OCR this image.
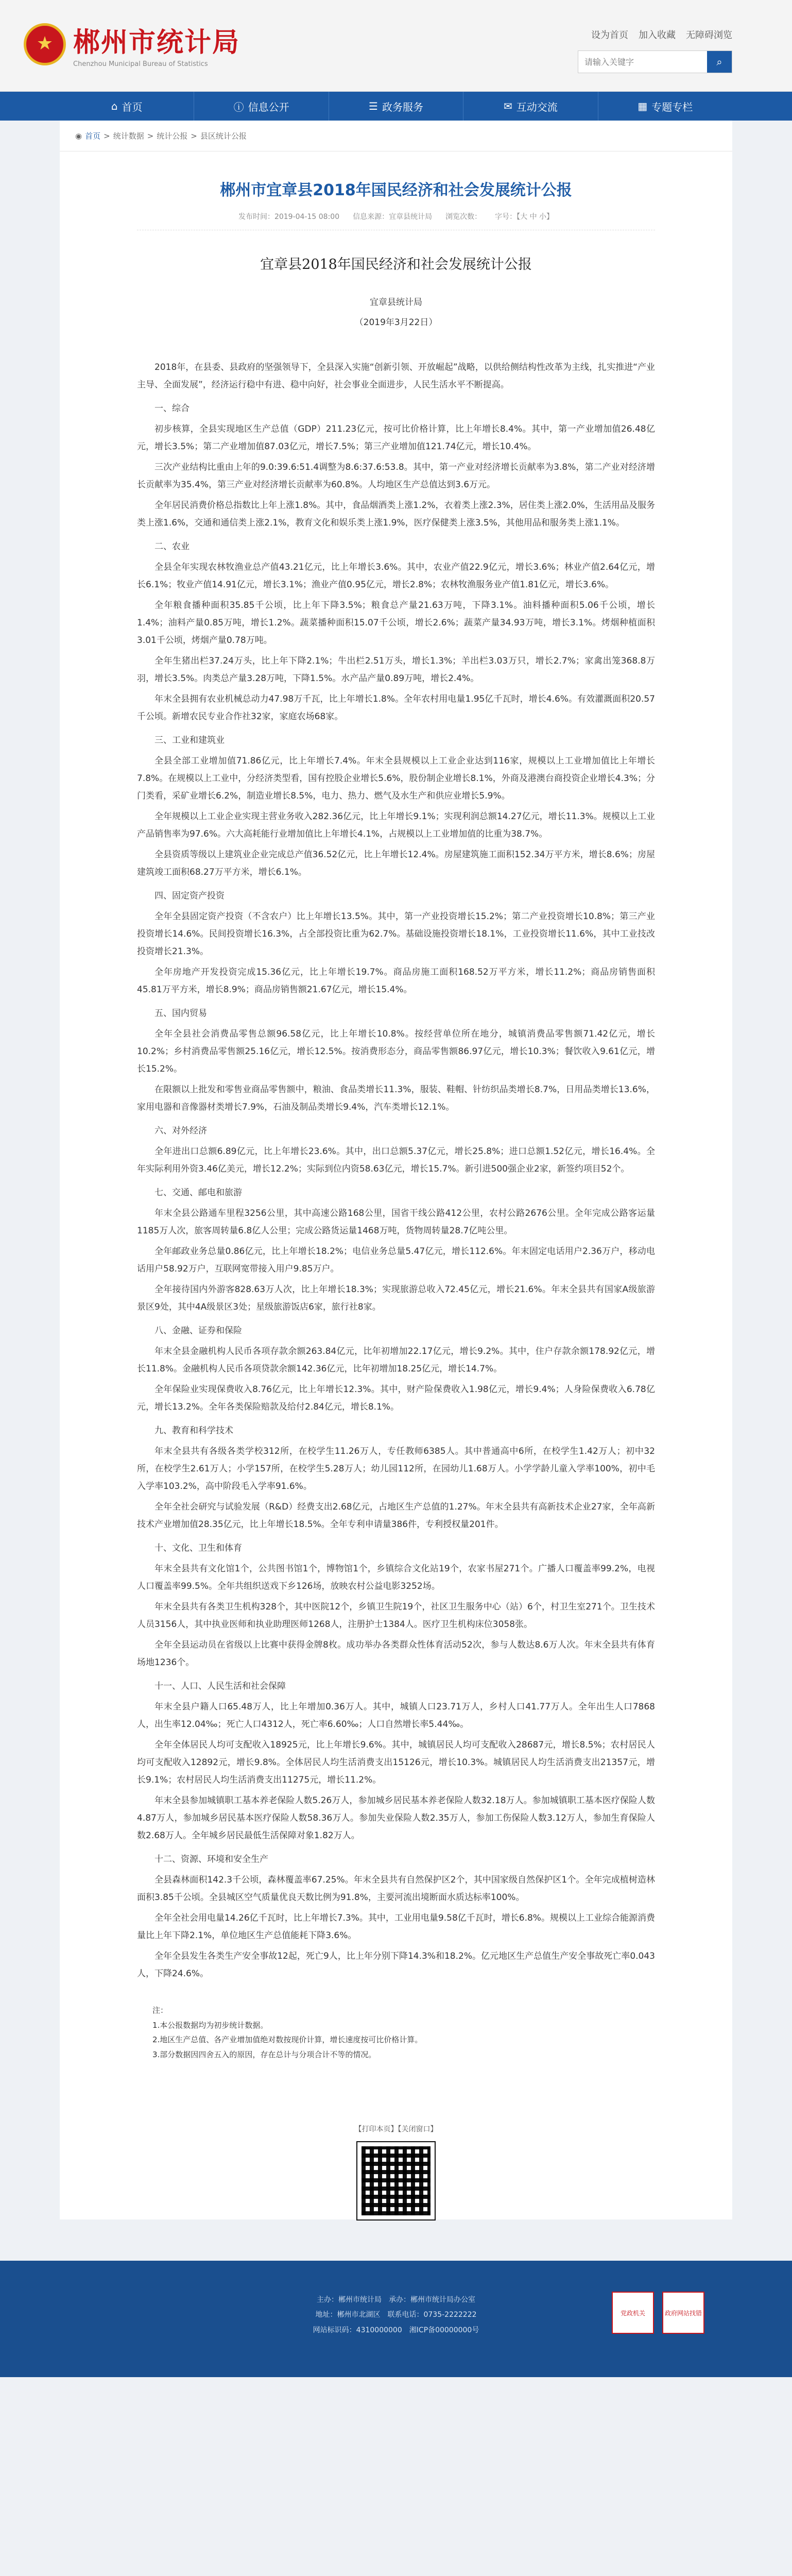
★
郴州市统计局
Chenzhou Municipal Bureau of Statistics
设为首页 加入收藏 无障碍浏览
请输入关键字
⌕
⌂ 首页	ⓘ 信息公开	☰ 政务服务	✉ 互动交流	▦ 专题专栏
◉ 首页 > 统计数据 > 统计公报 > 县区统计公报
郴州市宜章县2018年国民经济和社会发展统计公报
发布时间：2019-04-15 08:00 信息来源：宜章县统计局 浏览次数： 字号：【大 中 小】
宜章县2018年国民经济和社会发展统计公报
宜章县统计局
（2019年3月22日）

2018年，在县委、县政府的坚强领导下，全县深入实施“创新引领、开放崛起”战略，以供给侧结构性改革为主线，扎实推进“产业主导、全面发展”，经济运行稳中有进、稳中向好，社会事业全面进步，人民生活水平不断提高。

一、综合

初步核算，全县实现地区生产总值（GDP）211.23亿元，按可比价格计算，比上年增长8.4%。其中，第一产业增加值26.48亿元，增长3.5%；第二产业增加值87.03亿元，增长7.5%；第三产业增加值121.74亿元，增长10.4%。

三次产业结构比重由上年的9.0:39.6:51.4调整为8.6:37.6:53.8。其中，第一产业对经济增长贡献率为3.8%，第二产业对经济增长贡献率为35.4%，第三产业对经济增长贡献率为60.8%。人均地区生产总值达到3.6万元。

全年居民消费价格总指数比上年上涨1.8%。其中，食品烟酒类上涨1.2%，衣着类上涨2.3%，居住类上涨2.0%，生活用品及服务类上涨1.6%，交通和通信类上涨2.1%，教育文化和娱乐类上涨1.9%，医疗保健类上涨3.5%，其他用品和服务类上涨1.1%。

二、农业

全县全年实现农林牧渔业总产值43.21亿元，比上年增长3.6%。其中，农业产值22.9亿元，增长3.6%；林业产值2.64亿元，增长6.1%；牧业产值14.91亿元，增长3.1%；渔业产值0.95亿元，增长2.8%；农林牧渔服务业产值1.81亿元，增长3.6%。

全年粮食播种面积35.85千公顷，比上年下降3.5%；粮食总产量21.63万吨，下降3.1%。油料播种面积5.06千公顷，增长1.4%；油料产量0.85万吨，增长1.2%。蔬菜播种面积15.07千公顷，增长2.6%；蔬菜产量34.93万吨，增长3.1%。烤烟种植面积3.01千公顷，烤烟产量0.78万吨。

全年生猪出栏37.24万头，比上年下降2.1%；牛出栏2.51万头，增长1.3%；羊出栏3.03万只，增长2.7%；家禽出笼368.8万羽，增长3.5%。肉类总产量3.28万吨，下降1.5%。水产品产量0.89万吨，增长2.4%。

年末全县拥有农业机械总动力47.98万千瓦，比上年增长1.8%。全年农村用电量1.95亿千瓦时，增长4.6%。有效灌溉面积20.57千公顷。新增农民专业合作社32家，家庭农场68家。

三、工业和建筑业

全县全部工业增加值71.86亿元，比上年增长7.4%。年末全县规模以上工业企业达到116家，规模以上工业增加值比上年增长7.8%。在规模以上工业中，分经济类型看，国有控股企业增长5.6%，股份制企业增长8.1%，外商及港澳台商投资企业增长4.3%；分门类看，采矿业增长6.2%，制造业增长8.5%，电力、热力、燃气及水生产和供应业增长5.9%。

全年规模以上工业企业实现主营业务收入282.36亿元，比上年增长9.1%；实现利润总额14.27亿元，增长11.3%。规模以上工业产品销售率为97.6%。六大高耗能行业增加值比上年增长4.1%，占规模以上工业增加值的比重为38.7%。

全县资质等级以上建筑业企业完成总产值36.52亿元，比上年增长12.4%。房屋建筑施工面积152.34万平方米，增长8.6%；房屋建筑竣工面积68.27万平方米，增长6.1%。

四、固定资产投资

全年全县固定资产投资（不含农户）比上年增长13.5%。其中，第一产业投资增长15.2%；第二产业投资增长10.8%；第三产业投资增长14.6%。民间投资增长16.3%，占全部投资比重为62.7%。基础设施投资增长18.1%，工业投资增长11.6%，其中工业技改投资增长21.3%。

全年房地产开发投资完成15.36亿元，比上年增长19.7%。商品房施工面积168.52万平方米，增长11.2%；商品房销售面积45.81万平方米，增长8.9%；商品房销售额21.67亿元，增长15.4%。

五、国内贸易

全年全县社会消费品零售总额96.58亿元，比上年增长10.8%。按经营单位所在地分，城镇消费品零售额71.42亿元，增长10.2%；乡村消费品零售额25.16亿元，增长12.5%。按消费形态分，商品零售额86.97亿元，增长10.3%；餐饮收入9.61亿元，增长15.2%。

在限额以上批发和零售业商品零售额中，粮油、食品类增长11.3%，服装、鞋帽、针纺织品类增长8.7%，日用品类增长13.6%，家用电器和音像器材类增长7.9%，石油及制品类增长9.4%，汽车类增长12.1%。

六、对外经济

全年进出口总额6.89亿元，比上年增长23.6%。其中，出口总额5.37亿元，增长25.8%；进口总额1.52亿元，增长16.4%。全年实际利用外资3.46亿美元，增长12.2%；实际到位内资58.63亿元，增长15.7%。新引进500强企业2家，新签约项目52个。

七、交通、邮电和旅游

年末全县公路通车里程3256公里，其中高速公路168公里，国省干线公路412公里，农村公路2676公里。全年完成公路客运量1185万人次，旅客周转量6.8亿人公里；完成公路货运量1468万吨，货物周转量28.7亿吨公里。

全年邮政业务总量0.86亿元，比上年增长18.2%；电信业务总量5.47亿元，增长112.6%。年末固定电话用户2.36万户，移动电话用户58.92万户，互联网宽带接入用户9.85万户。

全年接待国内外游客828.63万人次，比上年增长18.3%；实现旅游总收入72.45亿元，增长21.6%。年末全县共有国家A级旅游景区9处，其中4A级景区3处；星级旅游饭店6家，旅行社8家。

八、金融、证券和保险

年末全县金融机构人民币各项存款余额263.84亿元，比年初增加22.17亿元，增长9.2%。其中，住户存款余额178.92亿元，增长11.8%。金融机构人民币各项贷款余额142.36亿元，比年初增加18.25亿元，增长14.7%。

全年保险业实现保费收入8.76亿元，比上年增长12.3%。其中，财产险保费收入1.98亿元，增长9.4%；人身险保费收入6.78亿元，增长13.2%。全年各类保险赔款及给付2.84亿元，增长8.1%。

九、教育和科学技术

年末全县共有各级各类学校312所，在校学生11.26万人，专任教师6385人。其中普通高中6所，在校学生1.42万人；初中32所，在校学生2.61万人；小学157所，在校学生5.28万人；幼儿园112所，在园幼儿1.68万人。小学学龄儿童入学率100%，初中毛入学率103.2%，高中阶段毛入学率91.6%。

全年全社会研究与试验发展（R&D）经费支出2.68亿元，占地区生产总值的1.27%。年末全县共有高新技术企业27家，全年高新技术产业增加值28.35亿元，比上年增长18.5%。全年专利申请量386件，专利授权量201件。

十、文化、卫生和体育

年末全县共有文化馆1个，公共图书馆1个，博物馆1个，乡镇综合文化站19个，农家书屋271个。广播人口覆盖率99.2%，电视人口覆盖率99.5%。全年共组织送戏下乡126场，放映农村公益电影3252场。

年末全县共有各类卫生机构328个，其中医院12个，乡镇卫生院19个，社区卫生服务中心（站）6个，村卫生室271个。卫生技术人员3156人，其中执业医师和执业助理医师1268人，注册护士1384人。医疗卫生机构床位3058张。

全年全县运动员在省级以上比赛中获得金牌8枚。成功举办各类群众性体育活动52次，参与人数达8.6万人次。年末全县共有体育场地1236个。

十一、人口、人民生活和社会保障

年末全县户籍人口65.48万人，比上年增加0.36万人。其中，城镇人口23.71万人，乡村人口41.77万人。全年出生人口7868人，出生率12.04‰；死亡人口4312人，死亡率6.60‰；人口自然增长率5.44‰。

全年全体居民人均可支配收入18925元，比上年增长9.6%。其中，城镇居民人均可支配收入28687元，增长8.5%；农村居民人均可支配收入12892元，增长9.8%。全体居民人均生活消费支出15126元，增长10.3%。城镇居民人均生活消费支出21357元，增长9.1%；农村居民人均生活消费支出11275元，增长11.2%。

年末全县参加城镇职工基本养老保险人数5.26万人，参加城乡居民基本养老保险人数32.18万人。参加城镇职工基本医疗保险人数4.87万人，参加城乡居民基本医疗保险人数58.36万人。参加失业保险人数2.35万人，参加工伤保险人数3.12万人，参加生育保险人数2.68万人。全年城乡居民最低生活保障对象1.82万人。

十二、资源、环境和安全生产

全县森林面积142.3千公顷，森林覆盖率67.25%。年末全县共有自然保护区2个，其中国家级自然保护区1个。全年完成植树造林面积3.85千公顷。全县城区空气质量优良天数比例为91.8%，主要河流出境断面水质达标率100%。

全年全社会用电量14.26亿千瓦时，比上年增长7.3%。其中，工业用电量9.58亿千瓦时，增长6.8%。规模以上工业综合能源消费量比上年下降2.1%，单位地区生产总值能耗下降3.6%。

全年全县发生各类生产安全事故12起，死亡9人，比上年分别下降14.3%和18.2%。亿元地区生产总值生产安全事故死亡率0.043人，下降24.6%。

注：

1.本公报数据均为初步统计数据。

2.地区生产总值、各产业增加值绝对数按现价计算，增长速度按可比价格计算。

3.部分数据因四舍五入的原因，存在总计与分项合计不等的情况。

【打印本页】【关闭窗口】
主办：郴州市统计局　承办：郴州市统计局办公室
地址：郴州市北湖区　联系电话：0735-2222222
网站标识码：4310000000　湘ICP备00000000号
党政机关	政府网站找错
